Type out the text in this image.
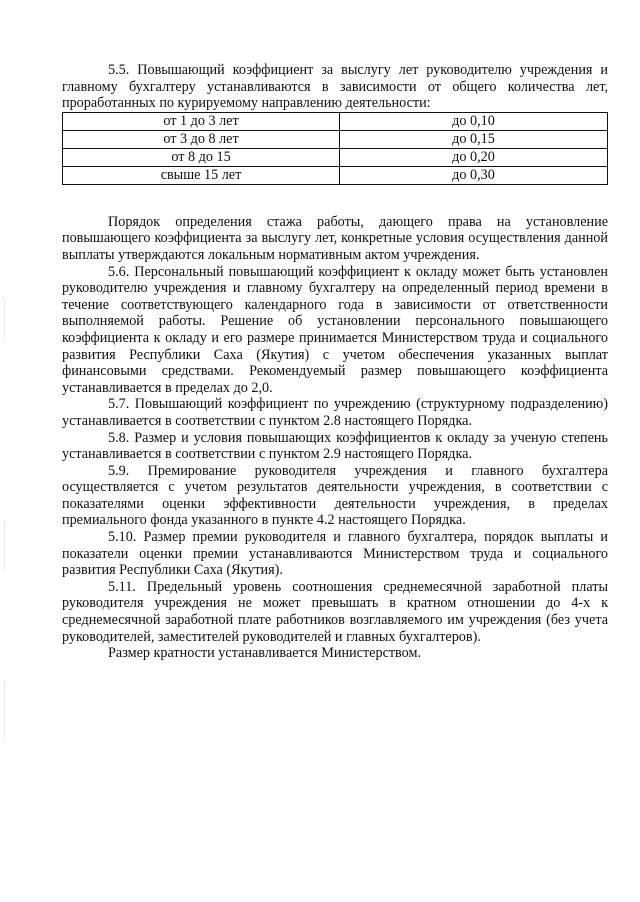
5.5. Повышающий коэффициент за выслугу лет руководителю учреждения и главному бухгалтеру устанавливаются в зависимости от общего количества лет, проработанных по курируемому направлению деятельности:

от 1 до 3 лет	до 0,10
от 3 до 8 лет	до 0,15
от 8 до 15	до 0,20
свыше 15 лет	до 0,30

Порядок определения стажа работы, дающего права на установление повышающего коэффициента за выслугу лет, конкретные условия осуществления данной выплаты утверждаются локальным нормативным актом учреждения.

5.6. Персональный повышающий коэффициент к окладу может быть установлен руководителю учреждения и главному бухгалтеру на определенный период времени в течение соответствующего календарного года в зависимости от ответственности выполняемой работы. Решение об установлении персонального повышающего коэффициента к окладу и его размере принимается Министерством труда и социального развития Республики Саха (Якутия) с учетом обеспечения указанных выплат финансовыми средствами. Рекомендуемый размер повышающего коэффициента устанавливается в пределах до 2,0.

5.7. Повышающий коэффициент по учреждению (структурному подразделению) устанавливается в соответствии с пунктом 2.8 настоящего Порядка.

5.8. Размер и условия повышающих коэффициентов к окладу за ученую степень устанавливается в соответствии с пунктом 2.9 настоящего Порядка.

5.9. Премирование руководителя учреждения и главного бухгалтера осуществляется с учетом результатов деятельности учреждения, в соответствии с показателями оценки эффективности деятельности учреждения, в пределах премиального фонда указанного в пункте 4.2 настоящего Порядка.

5.10. Размер премии руководителя и главного бухгалтера, порядок выплаты и показатели оценки премии устанавливаются Министерством труда и социального развития Республики Саха (Якутия).

5.11. Предельный уровень соотношения среднемесячной заработной платы руководителя учреждения не может превышать в кратном отношении до 4-х к среднемесячной заработной плате работников возглавляемого им учреждения (без учета руководителей, заместителей руководителей и главных бухгалтеров).

Размер кратности устанавливается Министерством.
